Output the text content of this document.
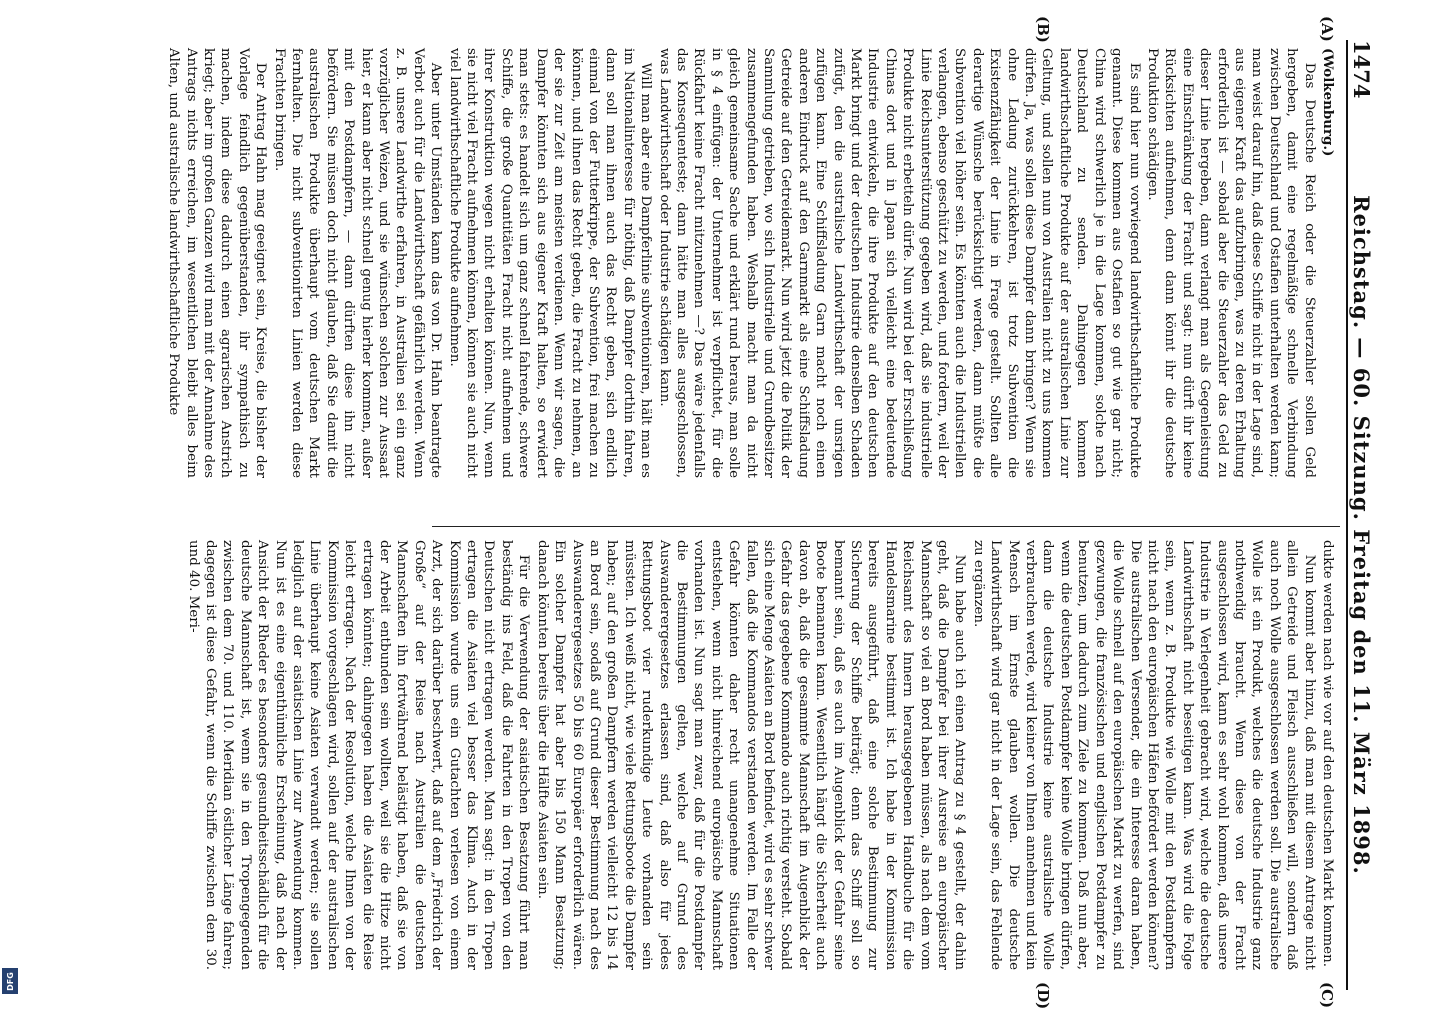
1474
Reichstag. — 60. Sitzung. Freitag den 11. März 1898.
(A)
(B)
(C)
(D)

(Wolkenburg.)

Das Deutsche Reich oder die Steuerzahler sollen Geld hergeben, damit eine regelmäßige schnelle Verbindung zwischen Deutschland und Ostafien unterhalten werden kann; man weist darauf hin, daß diese Schiffe nicht in der Lage sind, aus eigener Kraft das aufzubringen, was zu deren Erhaltung erforderlich ist — sobald aber die Steuerzahler das Geld zu dieser Linie hergeben, dann verlangt man als Gegenleistung eine Einschränkung der Fracht und sagt: nun dürft ihr keine Rücksichten aufnehmen, denn dann könnt ihr die deutsche Produktion schädigen.

Es sind hier nun vorwiegend landwirthschaftliche Produkte genannt. Diese kommen aus Ostafien so gut wie gar nicht; China wird schwerlich je in die Lage kommen, solche nach Deutschland zu senden. Dahingegen kommen landwirthschaftliche Produkte auf der australischen Linie zur Geltung, und sollen nun von Australien nicht zu uns kommen dürfen. Ja, was sollen diese Dampfer dann bringen? Wenn sie ohne Ladung zurückkehren, ist trotz Subvention die Existenzfähigkeit der Linie in Frage gestellt. Sollten alle derartige Wünsche berücksichtigt werden, dann müßte die Subvention viel höher sein. Es könnten auch die Industriellen verlangen, ebenso geschützt zu werden, und fordern, weil der Linie Reichsunterstützung gegeben wird, daß sie industrielle Produkte nicht erbetteln dürfe. Nun wird bei der Erschließung Chinas dort und in Japan sich vielleicht eine bedeutende Industrie entwickeln, die ihre Produkte auf den deutschen Markt bringt und der deutschen Industrie denselben Schaden zufügt, den die australische Landwirthschaft der unsrigen zufügen kann. Eine Schiffsladung Garn macht noch einen anderen Eindruck auf den Garnmarkt als eine Schiffsladung Getreide auf den Getreidemarkt. Nun wird jetzt die Politik der Sammlung getrieben, wo sich Industrielle und Grundbesitzer zusammengefunden haben. Weshalb macht man da nicht gleich gemeinsame Sache und erklärt rund heraus, man solle in § 4 einfügen: der Unternehmer ist verpflichtet, für die Rückfahrt keine Fracht mitzunehmen —? Das wäre jedenfalls das Konsequenteste; dann hätte man alles ausgeschlossen, was Landwirthschaft oder Industrie schädigen kann.

Will man aber eine Dampferlinie subventioniren, hält man es im Nationalinteresse für nöthig, daß Dampfer dorthin fahren, dann soll man ihnen auch das Recht geben, sich endlich einmal von der Futterkrippe, der Subvention, frei machen zu können, und ihnen das Recht geben, die Fracht zu nehmen, an der sie zur Zeit am meisten verdienen. Wenn wir sagen, die Dampfer könnten sich aus eigener Kraft halten, so erwidert man stets: es handelt sich um ganz schnell fahrende, schwere Schiffe, die große Quantitäten Fracht nicht aufnehmen und ihrer Konstruktion wegen nicht erhalten können. Nun, wenn sie nicht viel Fracht aufnehmen können, können sie auch nicht viel landwirthschaftliche Produkte aufnehmen.

Aber unter Umständen kann das von Dr. Hahn beantragte Verbot auch für die Landwirthschaft gefährlich werden. Wenn z. B. unsere Landwirthe erfahren, in Australien sei ein ganz vorzüglicher Weizen, und sie wünschen solchen zur Aussaat hier, er kann aber nicht schnell genug hierher kommen, außer mit den Postdampfern, — dann dürften diese ihn nicht befördern. Sie müssen doch nicht glauben, daß Sie damit die australischen Produkte überhaupt vom deutschen Markt fernhalten. Die nicht subventionirten Linien werden diese Frachten bringen.

Der Antrag Hahn mag geeignet sein, Kreise, die bisher der Vorlage feindlich gegenüberstanden, ihr sympathisch zu machen, indem diese dadurch einen agrarischen Anstrich kriegt; aber im großen Ganzen wird man mit der Annahme des Antrags nichts erreichen, im wesentlichen bleibt alles beim Alten, und australische landwirthschaftliche Produkte

dukte werden nach wie vor auf den deutschen Markt kommen.

Nun kommt aber hinzu, daß man mit diesem Antrage nicht allein Getreide und Fleisch ausschließen will, sondern daß auch noch Wolle ausgeschlossen werden soll. Die australische Wolle ist ein Produkt, welches die deutsche Industrie ganz nothwendig braucht. Wenn diese von der Fracht ausgeschlossen wird, kann es sehr wohl kommen, daß unsere Industrie in Verlegenheit gebracht wird, welche die deutsche Landwirthschaft nicht beseitigen kann. Was wird die Folge sein, wenn z. B. Produkte wie Wolle mit den Postdampfern nicht nach den europäischen Häfen befördert werden können? Die australischen Versender, die ein Interesse daran haben, die Wolle schnell auf den europäischen Markt zu werfen, sind gezwungen, die französischen und englischen Postdampfer zu benutzen, um dadurch zum Ziele zu kommen. Daß nun aber, wenn die deutschen Postdampfer keine Wolle bringen dürfen, dann die deutsche Industrie keine australische Wolle verbrauchen werde, wird keiner von Ihnen annehmen und kein Mensch im Ernste glauben wollen. Die deutsche Landwirthschaft wird gar nicht in der Lage sein, das Fehlende zu ergänzen.

Nun habe auch ich einen Antrag zu § 4 gestellt, der dahin geht, daß die Dampfer bei ihrer Ausreise an europäischer Mannschaft so viel an Bord haben müssen, als nach dem vom Reichsamt des Innern herausgegebenen Handbuche für die Handelsmarine bestimmt ist. Ich habe in der Kommission bereits ausgeführt, daß eine solche Bestimmung zur Sicherung der Schiffe beiträgt; denn das Schiff soll so bemannt sein, daß es auch im Augenblick der Gefahr seine Boote bemannen kann. Wesentlich hängt die Sicherheit auch davon ab, daß die gesammte Mannschaft im Augenblick der Gefahr das gegebene Kommando auch richtig versteht. Sobald sich eine Menge Asiaten an Bord befindet, wird es sehr schwer fallen, daß die Kommandos verstanden werden. Im Falle der Gefahr könnten daher recht unangenehme Situationen entstehen, wenn nicht hinreichend europäische Mannschaft vorhanden ist. Nun sagt man zwar, daß für die Postdampfer die Bestimmungen gelten, welche auf Grund des Auswanderergesetzes erlassen sind, daß also für jedes Rettungsboot vier ruderkundige Leute vorhanden sein müssten. Ich weiß nicht, wie viele Rettungsboote die Dampfer haben; auf den großen Dampfern werden vielleicht 12 bis 14 an Bord sein, sodaß auf Grund dieser Bestimmung nach des Auswanderergesetzes 50 bis 60 Europäer erforderlich wären. Ein solcher Dampfer hat aber bis 150 Mann Besatzung; danach könnten bereits über die Hälfte Asiaten sein.

Für die Verwendung der asiatischen Besatzung führt man beständig ins Feld, daß die Fahrten in den Tropen von den Deutschen nicht ertragen werden. Man sagt: in den Tropen ertragen die Asiaten viel besser das Klima. Auch in der Kommission wurde uns ein Gutachten verlesen von einem Arzt, der sich darüber beschwert, daß auf dem „Friedrich der Große“ auf der Reise nach Australien die deutschen Mannschaften ihn fortwährend belästigt haben, daß sie von der Arbeit entbunden sein wollten, weil sie die Hitze nicht ertragen könnten; dahingegen haben die Asiaten die Reise leicht ertragen. Nach der Resolution, welche Ihnen von der Kommission vorgeschlagen wird, sollen auf der australischen Linie überhaupt keine Asiaten verwandt werden; sie sollen lediglich auf der asiatischen Linie zur Anwendung kommen. Nun ist es eine eigenthümliche Erscheinung, daß nach der Ansicht der Rheder es besonders gesundheitsschädlich für die deutsche Mannschaft ist, wenn sie in den Tropengegenden zwischen dem 70. und 110. Meridian östlicher Länge fahren; dagegen ist diese Gefahr, wenn die Schiffe zwischen dem 30. und 40. Meri-

DFG
